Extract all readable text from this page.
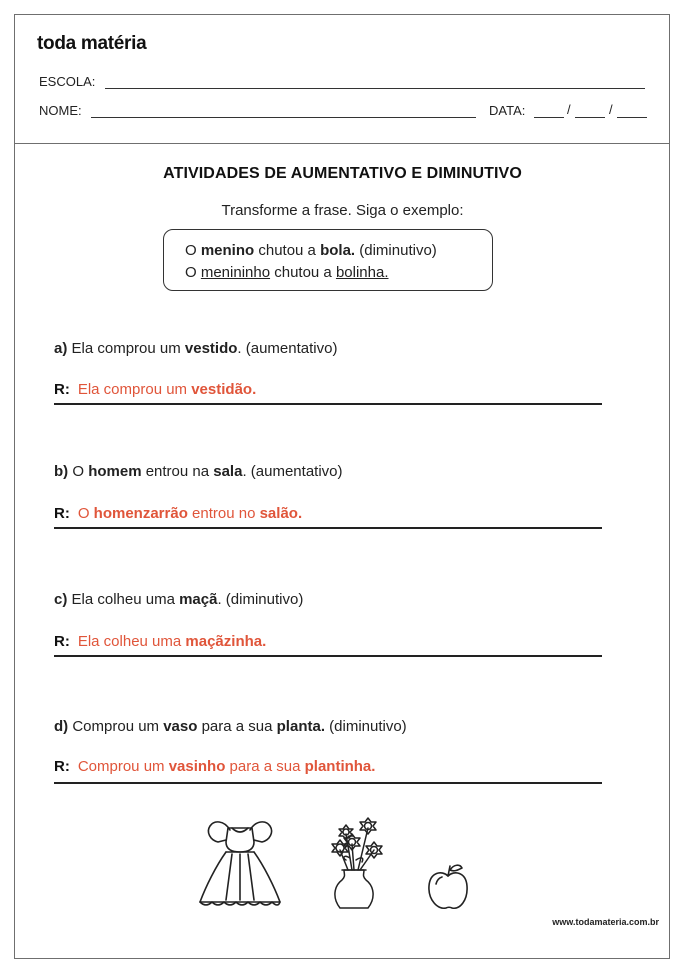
toda matéria
ESCOLA:
NOME:	DATA:	/	/
ATIVIDADES DE AUMENTATIVO E DIMINUTIVO
Transforme a frase. Siga o exemplo:
O menino chutou a bola. (diminutivo)
O menininho chutou a bolinha.
a) Ela comprou um vestido. (aumentativo)
R: Ela comprou um vestidão.
b) O homem entrou na sala. (aumentativo)
R: O homenzarrão entrou no salão.
c) Ela colheu uma maçã. (diminutivo)
R: Ela colheu uma maçãzinha.
d) Comprou um vaso para a sua planta. (diminutivo)
R: Comprou um vasinho para a sua plantinha.
www.todamateria.com.br
